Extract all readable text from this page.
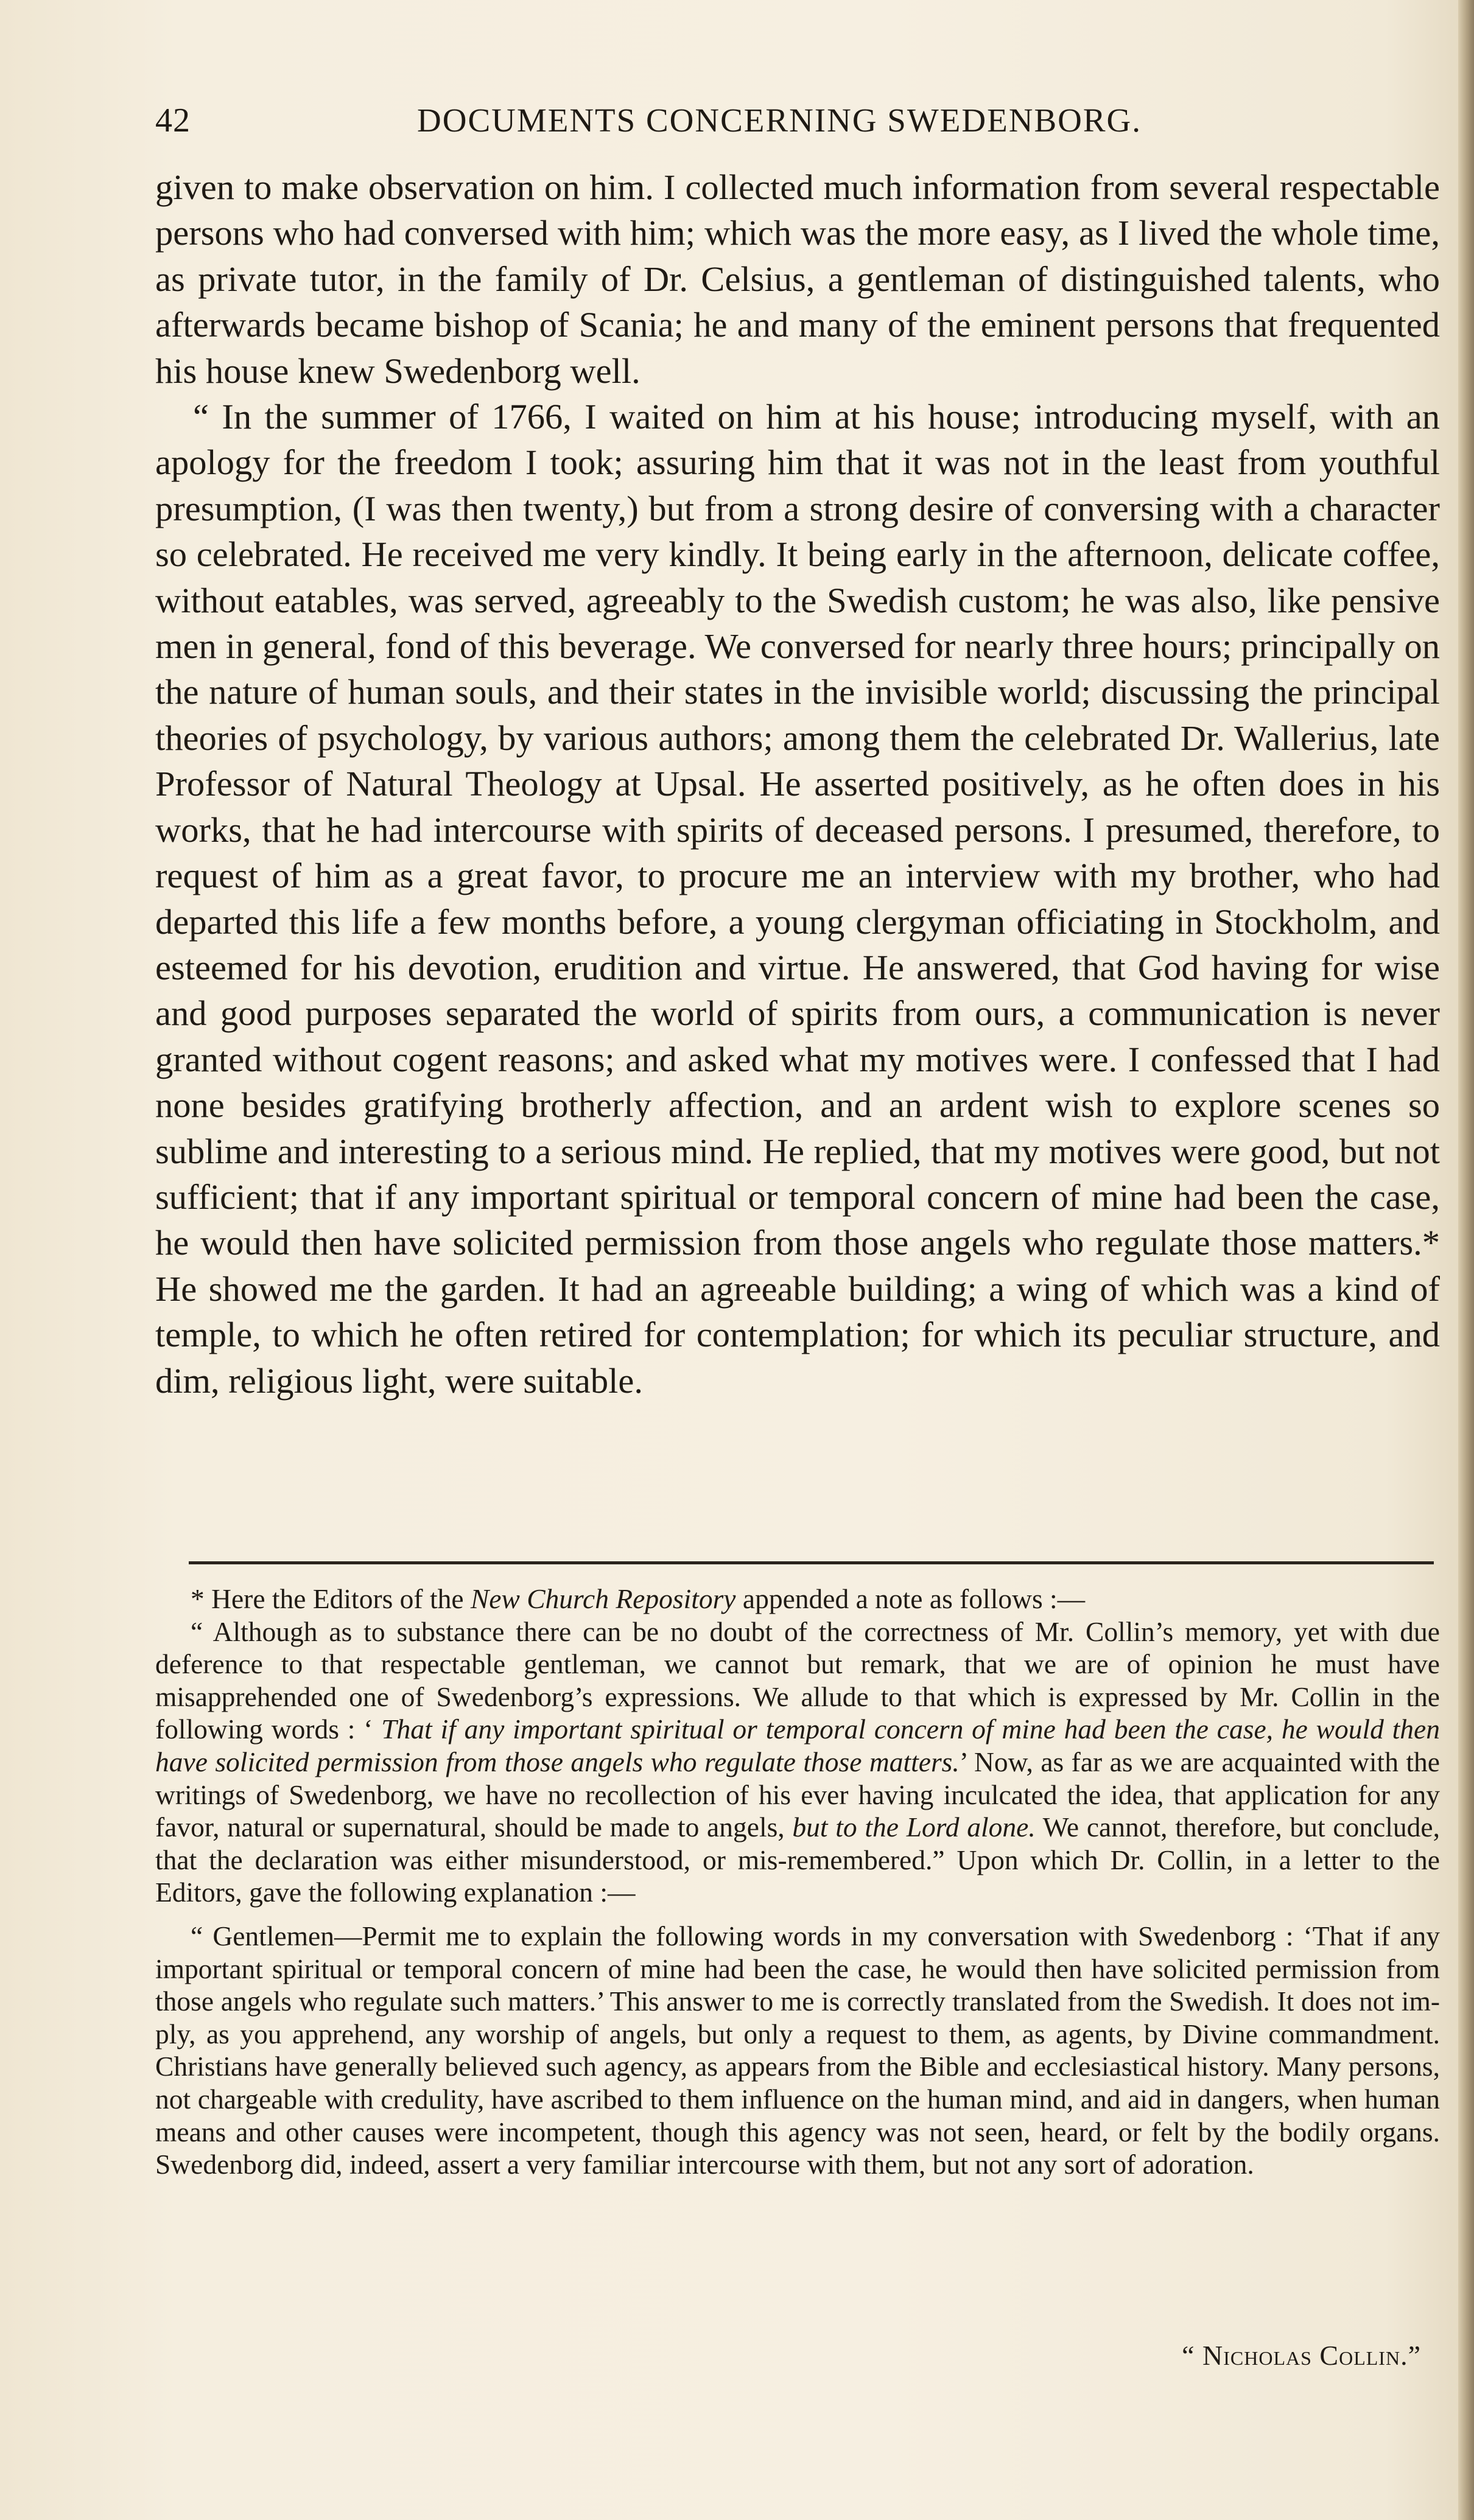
42	DOCUMENTS CONCERNING SWEDENBORG.

given to make observation on him. I collected much information from several respectable persons who had conversed with him; which was the more easy, as I lived the whole time, as private tutor, in the family of Dr. Celsius, a gentleman of distinguished talents, who afterwards became bishop of Scania; he and many of the eminent persons that frequented his house knew Swedenborg well.

“ In the summer of 1766, I waited on him at his house; introducing myself, with an apology for the freedom I took; assuring him that it was not in the least from youthful presumption, (I was then twenty,) but from a strong desire of conversing with a character so celebrated. He received me very kindly. It being early in the afternoon, delicate coffee, without eatables, was served, agreeably to the Swedish custom; he was also, like pensive men in general, fond of this beverage. We conversed for nearly three hours; principally on the nature of human souls, and their states in the invisible world; discussing the principal theories of psychology, by various authors; among them the celebrated Dr. Wallerius, late Professor of Natural Theology at Upsal. He asserted positively, as he often does in his works, that he had intercourse with spirits of deceased persons. I presumed, therefore, to request of him as a great favor, to procure me an interview with my brother, who had departed this life a few months before, a young clergyman officiating in Stockholm, and esteemed for his devotion, erudition and virtue. He answered, that God having for wise and good purposes separated the world of spirits from ours, a communication is never granted without cogent reasons; and asked what my motives were. I confessed that I had none besides gratifying brotherly affection, and an ardent wish to explore scenes so sublime and interesting to a serious mind. He replied, that my motives were good, but not sufficient; that if any important spiritual or temporal concern of mine had been the case, he would then have solicited permission from those angels who regulate those matters.* He showed me the garden. It had an agreeable building; a wing of which was a kind of temple, to which he often retired for contemplation; for which its peculiar structure, and dim, religious light, were suitable.

* Here the Editors of the New Church Repository appended a note as follows :—

“ Although as to substance there can be no doubt of the correctness of Mr. Collin’s memory, yet with due deference to that respectable gentleman, we cannot but remark, that we are of opinion he must have misapprehended one of Swedenborg’s expressions. We allude to that which is expressed by Mr. Collin in the following words : ‘ That if any important spiritual or temporal concern of mine had been the case, he would then have solicited permission from those angels who regulate those matters.’ Now, as far as we are acquainted with the writings of Swedenborg, we have no recollection of his ever having inculcated the idea, that application for any favor, natural or supernatural, should be made to angels, but to the Lord alone. We cannot, therefore, but conclude, that the declaration was either misunderstood, or mis-remembered.” Upon which Dr. Collin, in a letter to the Editors, gave the following explanation :—

“ Gentlemen—Permit me to explain the following words in my conversation with Swedenborg : ‘That if any important spiritual or temporal concern of mine had been the case, he would then have solicited permission from those angels who regulate such matters.’ This answer to me is correctly translated from the Swedish. It does not imply, as you apprehend, any worship of angels, but only a request to them, as agents, by Divine commandment. Christians have generally believed such agency, as appears from the Bible and ecclesiastical history. Many persons, not chargeable with credulity, have ascribed to them influence on the human mind, and aid in dangers, when human means and other causes were incompetent, though this agency was not seen, heard, or felt by the bodily organs. Swedenborg did, indeed, assert a very familiar intercourse with them, but not any sort of adoration.

“ Nicholas Collin.”
